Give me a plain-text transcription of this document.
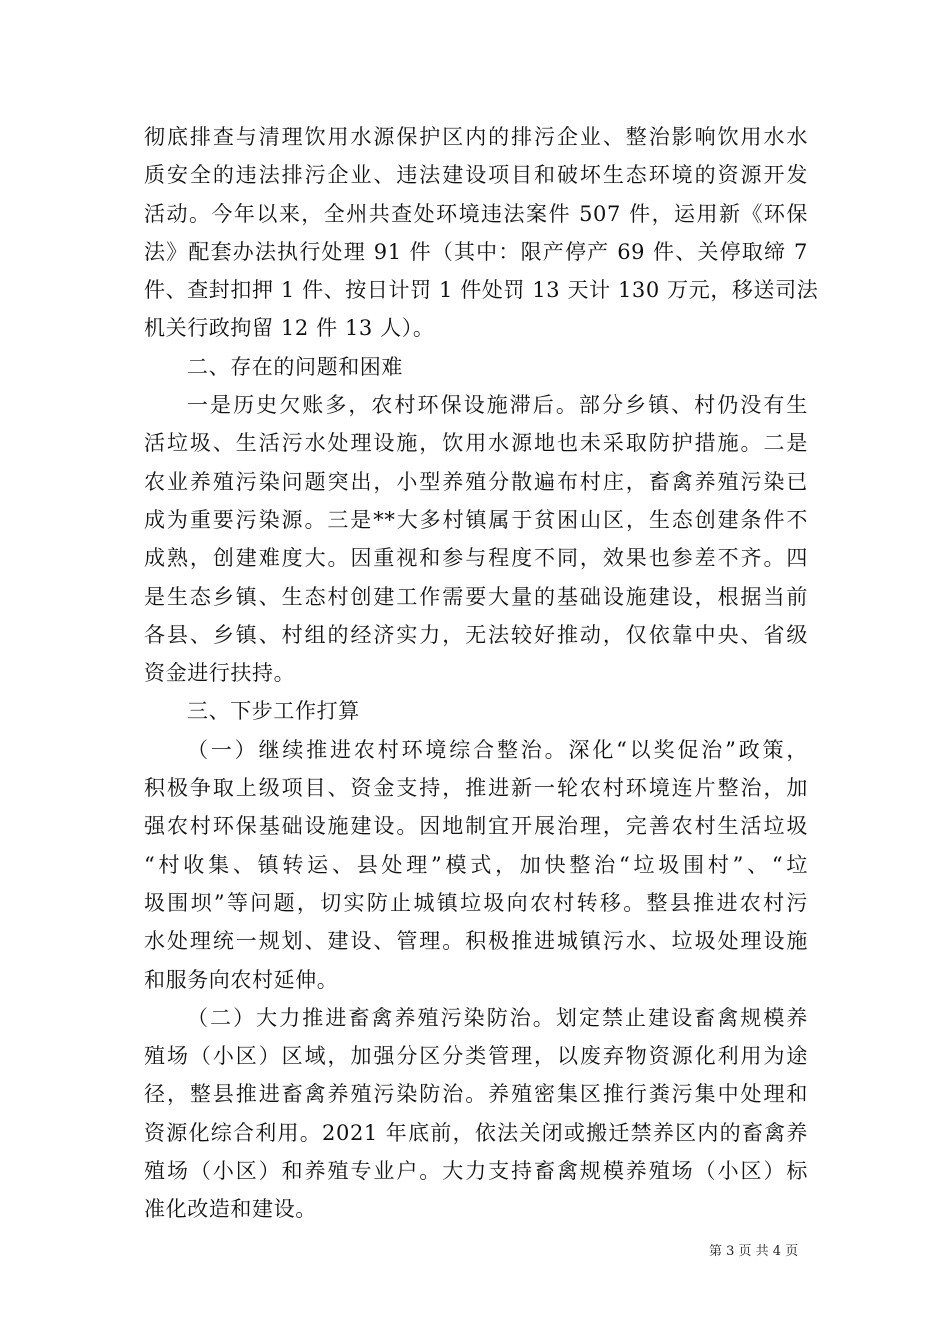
彻底排查与清理饮用水源保护区内的排污企业、整治影响饮用水水
质安全的违法排污企业、违法建设项目和破坏生态环境的资源开发
活动。今年以来，全州共查处环境违法案件 507 件，运用新《环保
法》配套办法执行处理 91 件（其中：限产停产 69 件、关停取缔 7
件、查封扣押 1 件、按日计罚 1 件处罚 13 天计 130 万元，移送司法
机关行政拘留 12 件 13 人）。

二、存在的问题和困难

一是历史欠账多，农村环保设施滞后。部分乡镇、村仍没有生
活垃圾、生活污水处理设施，饮用水源地也未采取防护措施。二是
农业养殖污染问题突出，小型养殖分散遍布村庄，畜禽养殖污染已
成为重要污染源。三是**大多村镇属于贫困山区，生态创建条件不
成熟，创建难度大。因重视和参与程度不同，效果也参差不齐。四
是生态乡镇、生态村创建工作需要大量的基础设施建设，根据当前
各县、乡镇、村组的经济实力，无法较好推动，仅依靠中央、省级
资金进行扶持。

三、下步工作打算

（一）继续推进农村环境综合整治。深化“以奖促治”政策，
积极争取上级项目、资金支持，推进新一轮农村环境连片整治，加
强农村环保基础设施建设。因地制宜开展治理，完善农村生活垃圾
“村收集、镇转运、县处理”模式，加快整治“垃圾围村”、“垃
圾围坝”等问题，切实防止城镇垃圾向农村转移。整县推进农村污
水处理统一规划、建设、管理。积极推进城镇污水、垃圾处理设施
和服务向农村延伸。

（二）大力推进畜禽养殖污染防治。划定禁止建设畜禽规模养
殖场（小区）区域，加强分区分类管理，以废弃物资源化利用为途
径，整县推进畜禽养殖污染防治。养殖密集区推行粪污集中处理和
资源化综合利用。2021 年底前，依法关闭或搬迁禁养区内的畜禽养
殖场（小区）和养殖专业户。大力支持畜禽规模养殖场（小区）标
准化改造和建设。

第 3 页 共 4 页
